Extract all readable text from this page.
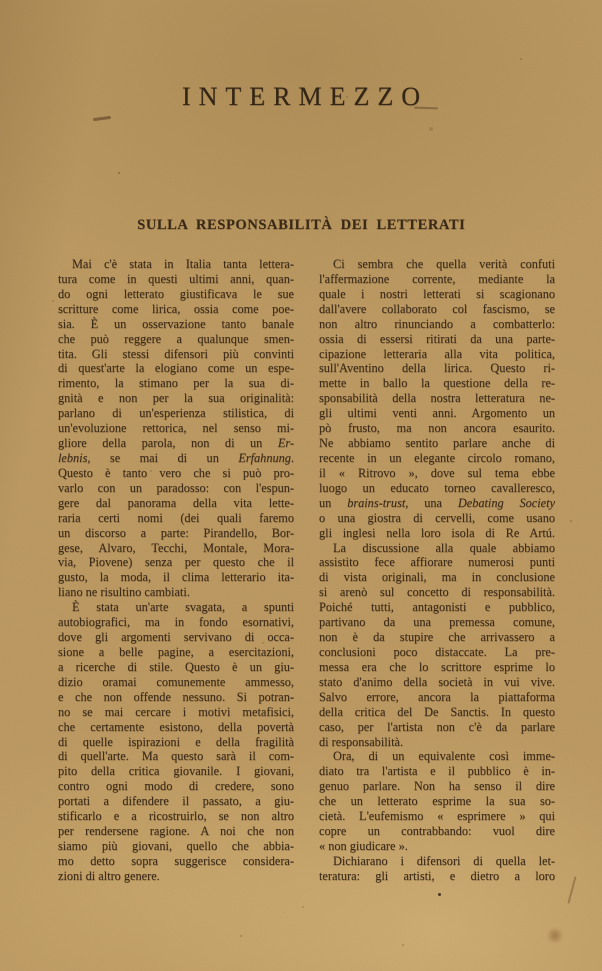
INTERMEZZO
SULLA RESPONSABILITÀ DEI LETTERATI
Mai c'è stata in Italia tanta lettera-
tura come in questi ultimi anni, quan-
do ogni letterato giustificava le sue
scritture come lirica, ossia come poe-
sia. È un osservazione tanto banale
che può reggere a qualunque smen-
tita. Gli stessi difensori più convinti
di quest'arte la elogiano come un espe-
rimento, la stimano per la sua di-
gnità e non per la sua originalità:
parlano di un'esperienza stilistica, di
un'evoluzione rettorica, nel senso mi-
gliore della parola, non di un Er-
lebnis, se mai di un Erfahnung.
Questo è tanto vero che si può pro-
varlo con un paradosso: con l'espun-
gere dal panorama della vita lette-
raria certi nomi (dei quali faremo
un discorso a parte: Pirandello, Bor-
gese, Alvaro, Tecchi, Montale, Mora-
via, Piovene) senza per questo che il
gusto, la moda, il clima letterario ita-
liano ne risultino cambiati.
È stata un'arte svagata, a spunti
autobiografici, ma in fondo esornativi,
dove gli argomenti servivano di occa-
sione a belle pagine, a esercitazioni,
a ricerche di stile. Questo è un giu-
dizio oramai comunemente ammesso,
e che non offende nessuno. Si potran-
no se mai cercare i motivi metafisici,
che certamente esistono, della povertà
di quelle ispirazioni e della fragilità
di quell'arte. Ma questo sarà il com-
pito della critica giovanile. I giovani,
contro ogni modo di credere, sono
portati a difendere il passato, a giu-
stificarlo e a ricostruirlo, se non altro
per rendersene ragione. A noi che non
siamo più giovani, quello che abbia-
mo detto sopra suggerisce considera-
zioni di altro genere.
Ci sembra che quella verità confuti
l'affermazione corrente, mediante la
quale i nostri letterati si scagionano
dall'avere collaborato col fascismo, se
non altro rinunciando a combatterlo:
ossia di essersi ritirati da una parte-
cipazione letteraria alla vita politica,
sull'Aventino della lirica. Questo ri-
mette in ballo la questione della re-
sponsabilità della nostra letteratura ne-
gli ultimi venti anni. Argomento un
pò frusto, ma non ancora esaurito.
Ne abbiamo sentito parlare anche di
recente in un elegante circolo romano,
il « Ritrovo », dove sul tema ebbe
luogo un educato torneo cavalleresco,
un brains-trust, una Debating Society
o una giostra di cervelli, come usano
gli inglesi nella loro isola di Re Artú.
La discussione alla quale abbiamo
assistito fece affiorare numerosi punti
di vista originali, ma in conclusione
si arenò sul concetto di responsabilità.
Poiché tutti, antagonisti e pubblico,
partivano da una premessa comune,
non è da stupire che arrivassero a
conclusioni poco distaccate. La pre-
messa era che lo scrittore esprime lo
stato d'animo della società in vui vive.
Salvo errore, ancora la piattaforma
della critica del De Sanctis. In questo
caso, per l'artista non c'è da parlare
di responsabilità.
Ora, di un equivalente così imme-
diato tra l'artista e il pubblico è in-
genuo parlare. Non ha senso il dire
che un letterato esprime la sua so-
cietà. L'eufemismo « esprimere » qui
copre un contrabbando: vuol dire
« non giudicare ».
Dichiarano i difensori di quella let-
teratura: gli artisti, e dietro a loro
